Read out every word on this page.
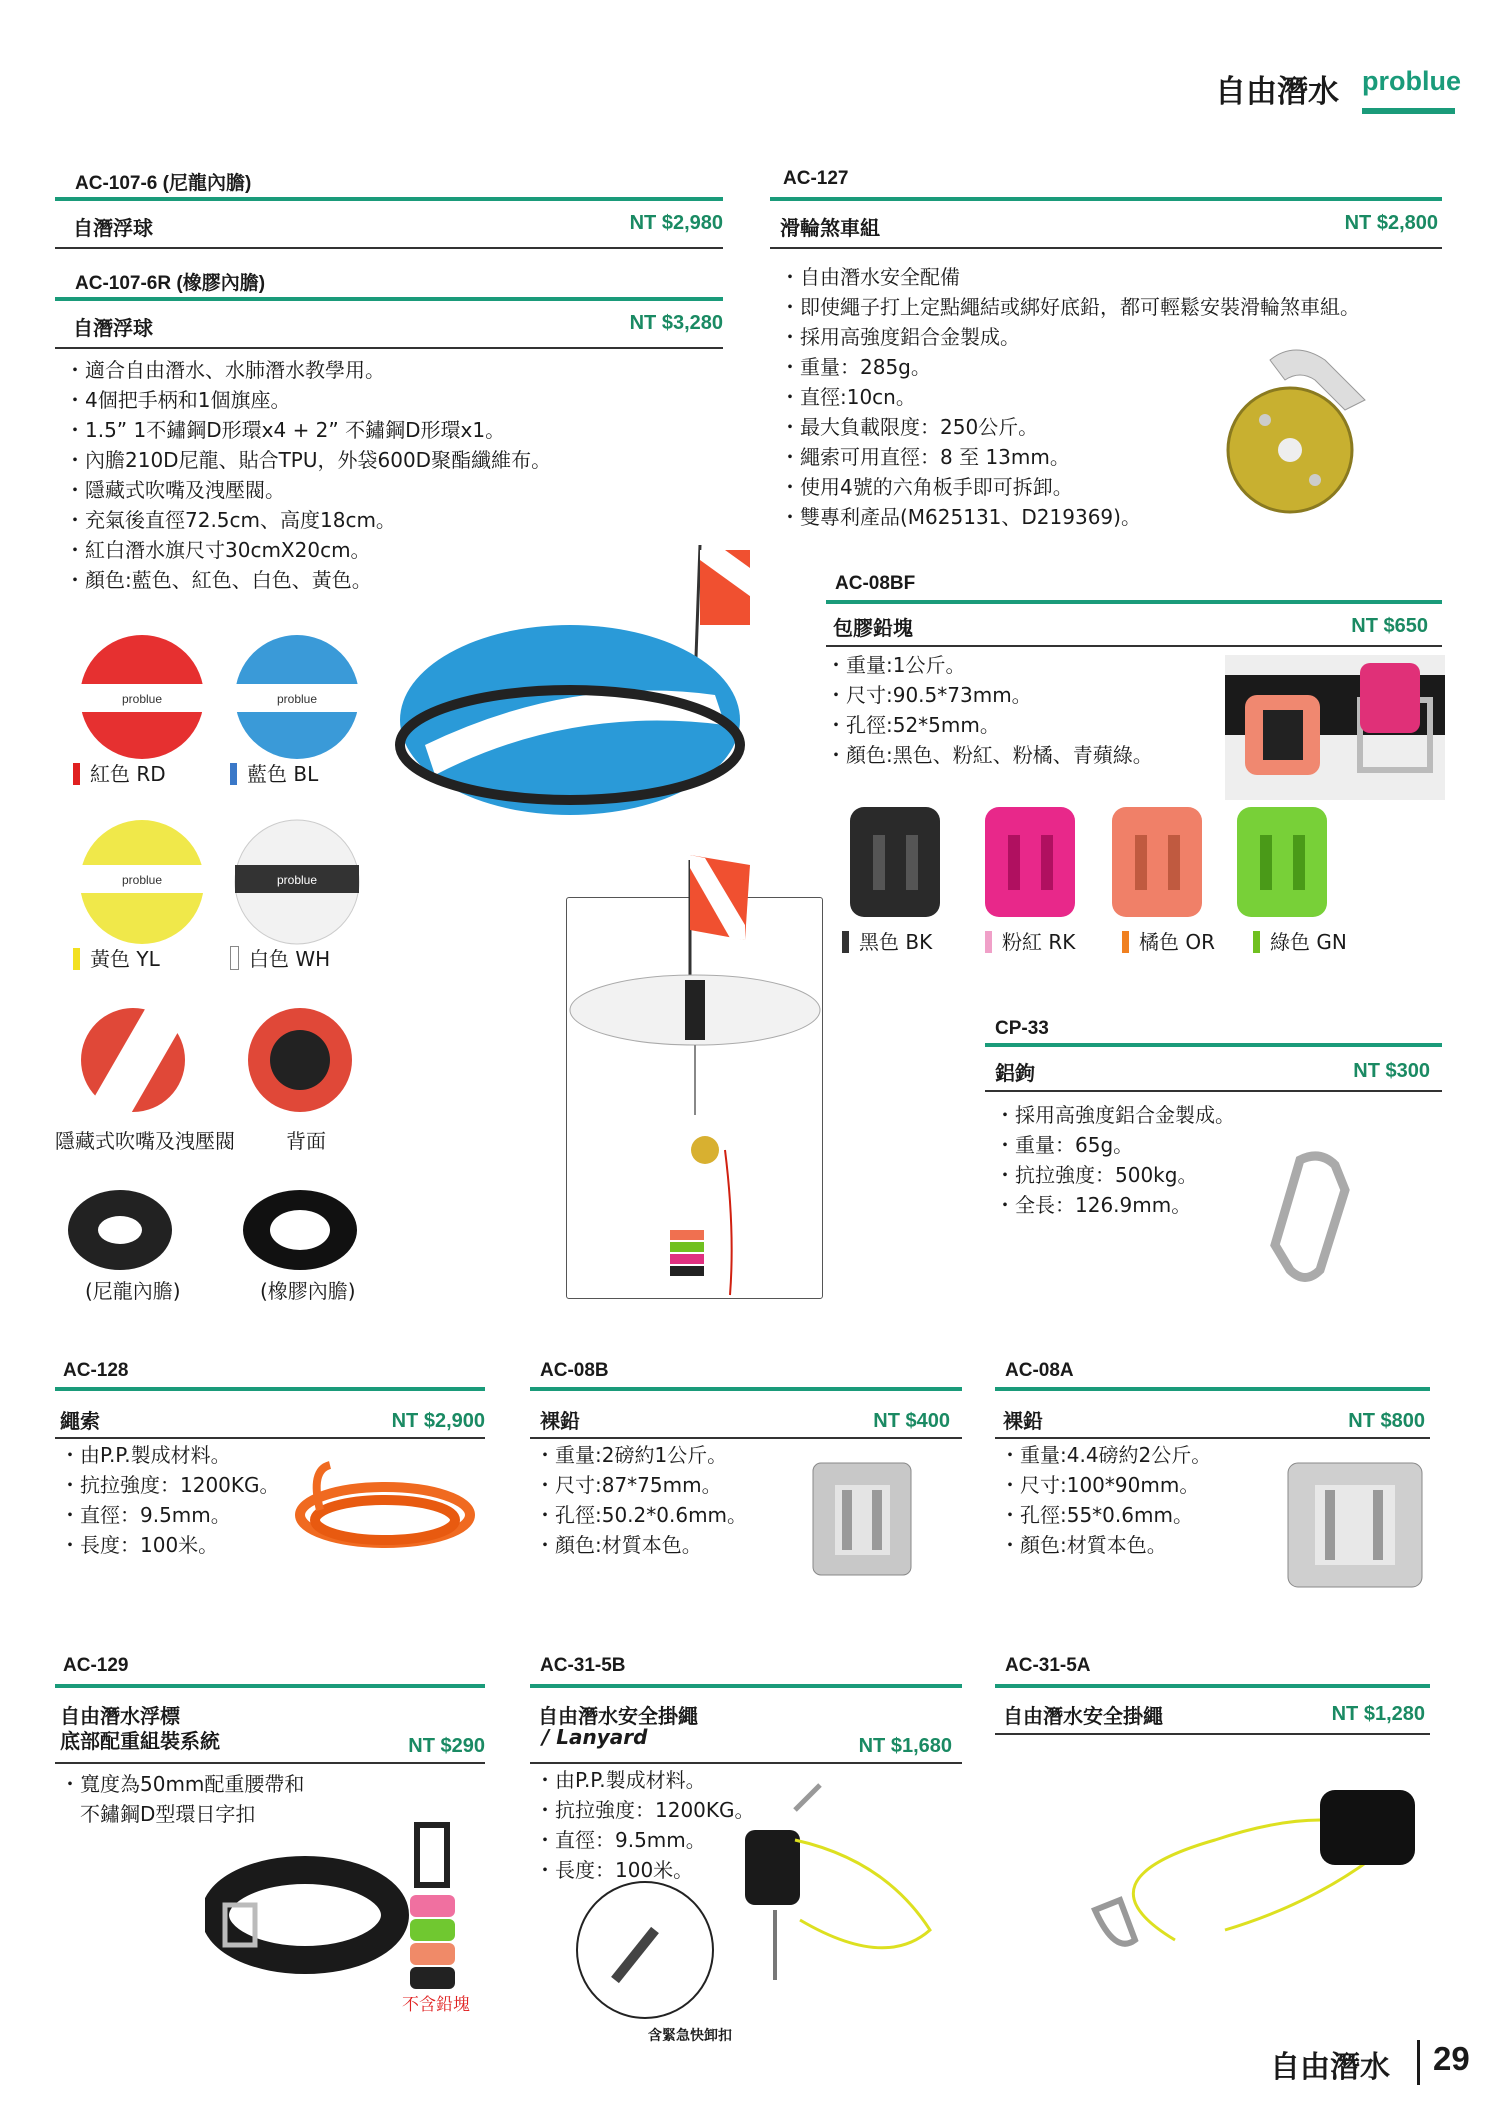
自由潛水 problue
AC-107-6 (尼龍內膽)
自潛浮球	NT $2,980
AC-107-6R (橡膠內膽)
自潛浮球	NT $3,280
・ 適合自由潛水、水肺潛水教學用。
・ 4個把手柄和1個旗座。
・ 1.5” 1不鏽鋼D形環x4 + 2” 不鏽鋼D形環x1。
・ 內膽210D尼龍、貼合TPU，外袋600D聚酯纖維布。
・ 隱藏式吹嘴及洩壓閥。
・ 充氣後直徑72.5cm、高度18cm。
・ 紅白潛水旗尺寸30cmX20cm。
・ 顏色:藍色、紅色、白色、黃色。
problue	problue
紅色 RD	藍色 BL
problue	problue
黃色 YL	白色 WH
隱藏式吹嘴及洩壓閥	背面
(尼龍內膽)	(橡膠內膽)
AC-127
滑輪煞車組	NT $2,800
・ 自由潛水安全配備
・ 即使繩子打上定點繩結或綁好底鉛，都可輕鬆安裝滑輪煞車組。
・ 採用高強度鋁合金製成。
・ 重量：285g。
・ 直徑:10cn。
・ 最大負載限度：250公斤。
・ 繩索可用直徑：8 至 13mm。
・ 使用4號的六角板手即可拆卸。
・ 雙專利產品(M625131、D219369)。
AC-08BF
包膠鉛塊	NT $650
・ 重量:1公斤。
・ 尺寸:90.5*73mm。
・ 孔徑:52*5mm。
・ 顏色:黑色、粉紅、粉橘、青蘋綠。
黑色 BK	粉紅 RK	橘色 OR	綠色 GN
CP-33
鋁鉤	NT $300
・ 採用高強度鋁合金製成。
・ 重量：65g。
・ 抗拉強度：500kg。
・ 全長：126.9mm。
AC-128
繩索	NT $2,900
・ 由P.P.製成材料。
・ 抗拉強度：1200KG。
・ 直徑：9.5mm。
・ 長度：100米。
AC-08B
裸鉛	NT $400
・ 重量:2磅約1公斤。
・ 尺寸:87*75mm。
・ 孔徑:50.2*0.6mm。
・ 顏色:材質本色。
AC-08A
裸鉛	NT $800
・ 重量:4.4磅約2公斤。
・ 尺寸:100*90mm。
・ 孔徑:55*0.6mm。
・ 顏色:材質本色。
AC-129
自由潛水浮標
底部配重組裝系統	NT $290
・寬度為50mm配重腰帶和
不鏽鋼D型環日字扣
不含鉛塊
AC-31-5B
自由潛水安全掛繩
/ Lanyard	NT $1,680
・ 由P.P.製成材料。
・ 抗拉強度：1200KG。
・ 直徑：9.5mm。
・ 長度：100米。
含緊急快卸扣
AC-31-5A
自由潛水安全掛繩	NT $1,280
自由潛水 29
